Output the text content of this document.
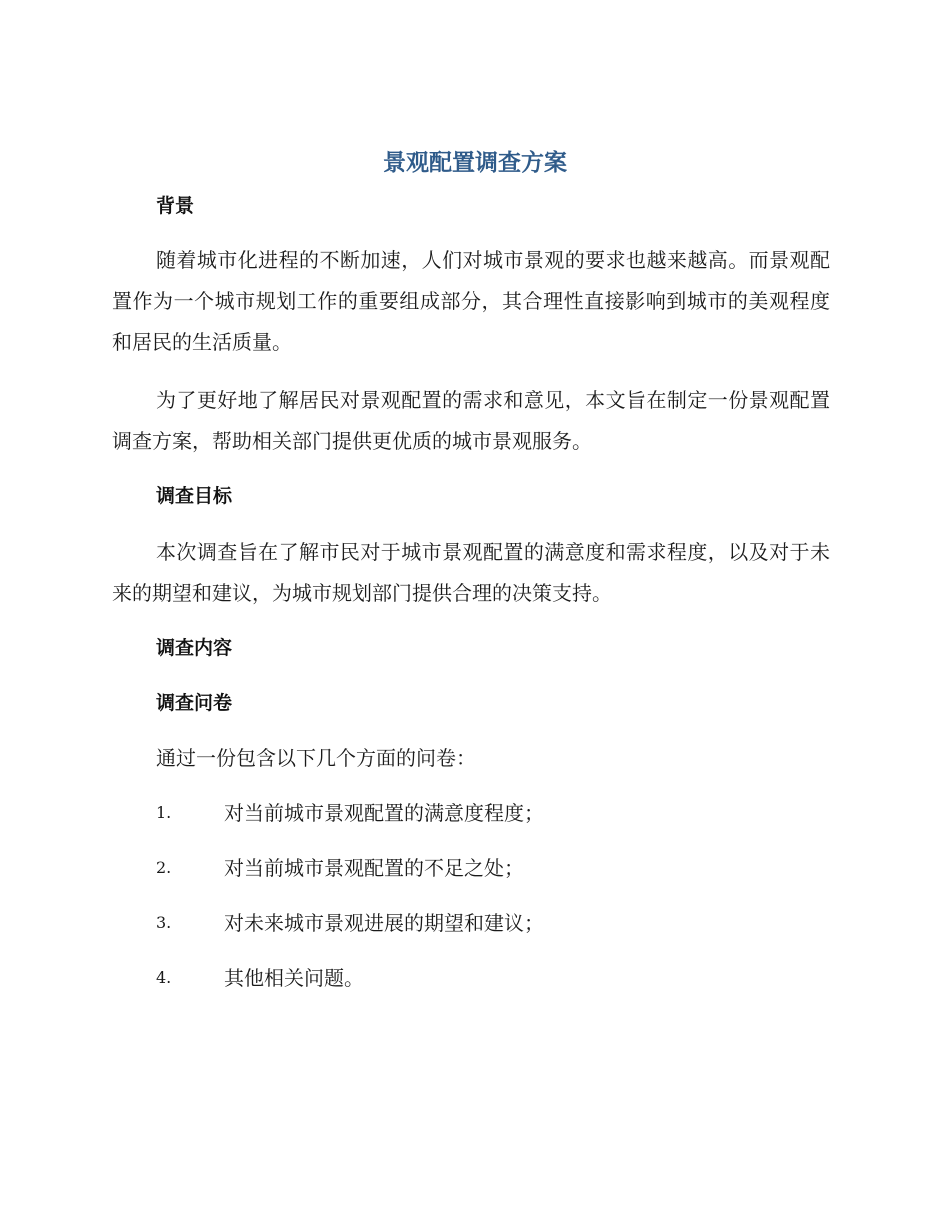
景观配置调查方案
背景
随着城市化进程的不断加速，人们对城市景观的要求也越来越高。而景观配置作为一个城市规划工作的重要组成部分，其合理性直接影响到城市的美观程度和居民的生活质量。
为了更好地了解居民对景观配置的需求和意见，本文旨在制定一份景观配置调查方案，帮助相关部门提供更优质的城市景观服务。
调查目标
本次调查旨在了解市民对于城市景观配置的满意度和需求程度，以及对于未来的期望和建议，为城市规划部门提供合理的决策支持。
调查内容
调查问卷
通过一份包含以下几个方面的问卷：
1.	对当前城市景观配置的满意度程度；
2.	对当前城市景观配置的不足之处；
3.	对未来城市景观进展的期望和建议；
4.	其他相关问题。
